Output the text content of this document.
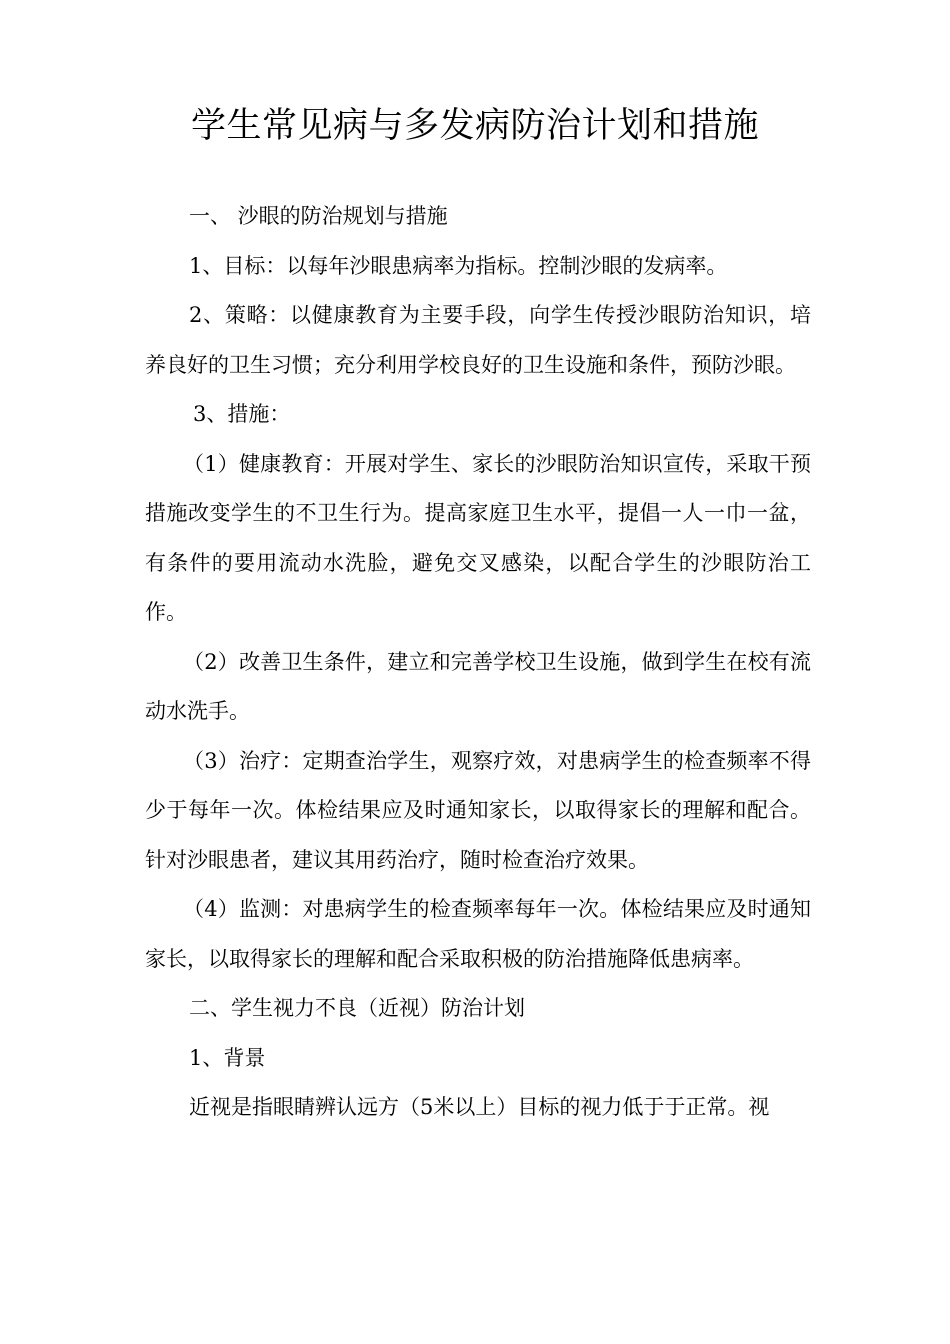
学生常见病与多发病防治计划和措施

一、 沙眼的防治规划与措施

1、目标：以每年沙眼患病率为指标。控制沙眼的发病率。

2、策略：以健康教育为主要手段，向学生传授沙眼防治知识，培养良好的卫生习惯；充分利用学校良好的卫生设施和条件，预防沙眼。

3、措施：

（1）健康教育：开展对学生、家长的沙眼防治知识宣传，采取干预措施改变学生的不卫生行为。提高家庭卫生水平，提倡一人一巾一盆，有条件的要用流动水洗脸，避免交叉感染，以配合学生的沙眼防治工作。

（2）改善卫生条件，建立和完善学校卫生设施，做到学生在校有流动水洗手。

（3）治疗：定期查治学生，观察疗效，对患病学生的检查频率不得少于每年一次。体检结果应及时通知家长，以取得家长的理解和配合。针对沙眼患者，建议其用药治疗，随时检查治疗效果。

（4）监测：对患病学生的检查频率每年一次。体检结果应及时通知家长，以取得家长的理解和配合采取积极的防治措施降低患病率。

二、学生视力不良（近视）防治计划

1、背景

近视是指眼睛辨认远方（5米以上）目标的视力低于于正常。视
